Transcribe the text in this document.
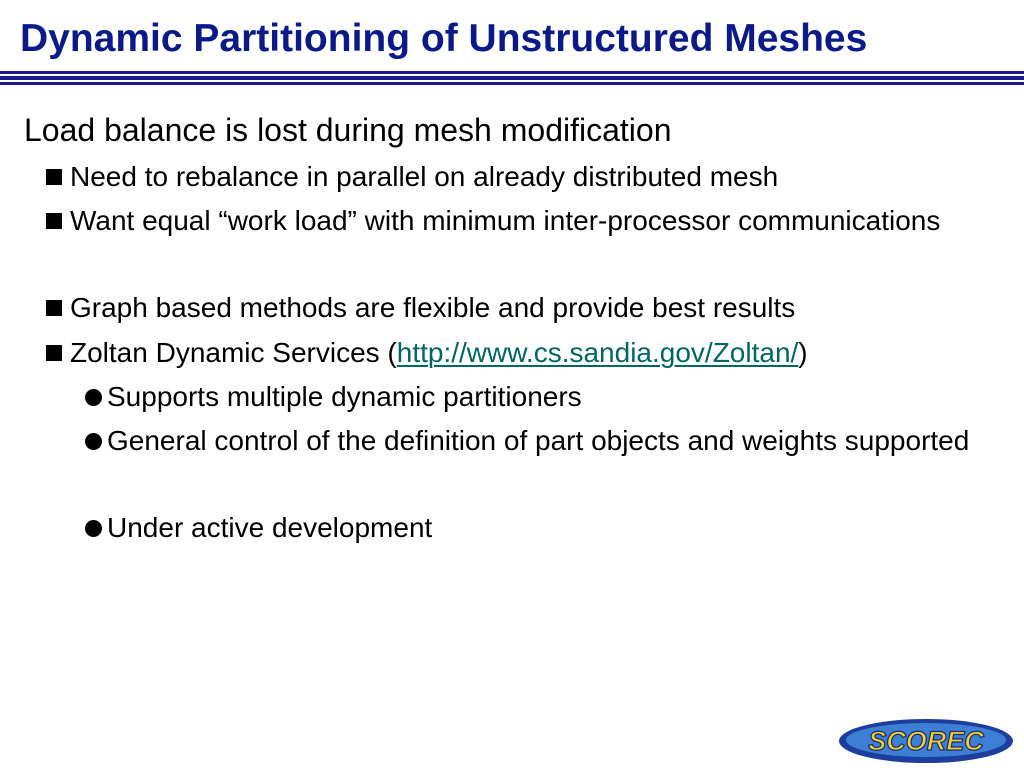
Dynamic Partitioning of Unstructured Meshes
Load balance is lost during mesh modification
Need to rebalance in parallel on already distributed mesh
Want equal “work load” with minimum inter-processor communications
Graph based methods are flexible and provide best results
Zoltan Dynamic Services (http://www.cs.sandia.gov/Zoltan/)
Supports multiple dynamic partitioners
General control of the definition of part objects and weights supported
Under active development
SCOREC
